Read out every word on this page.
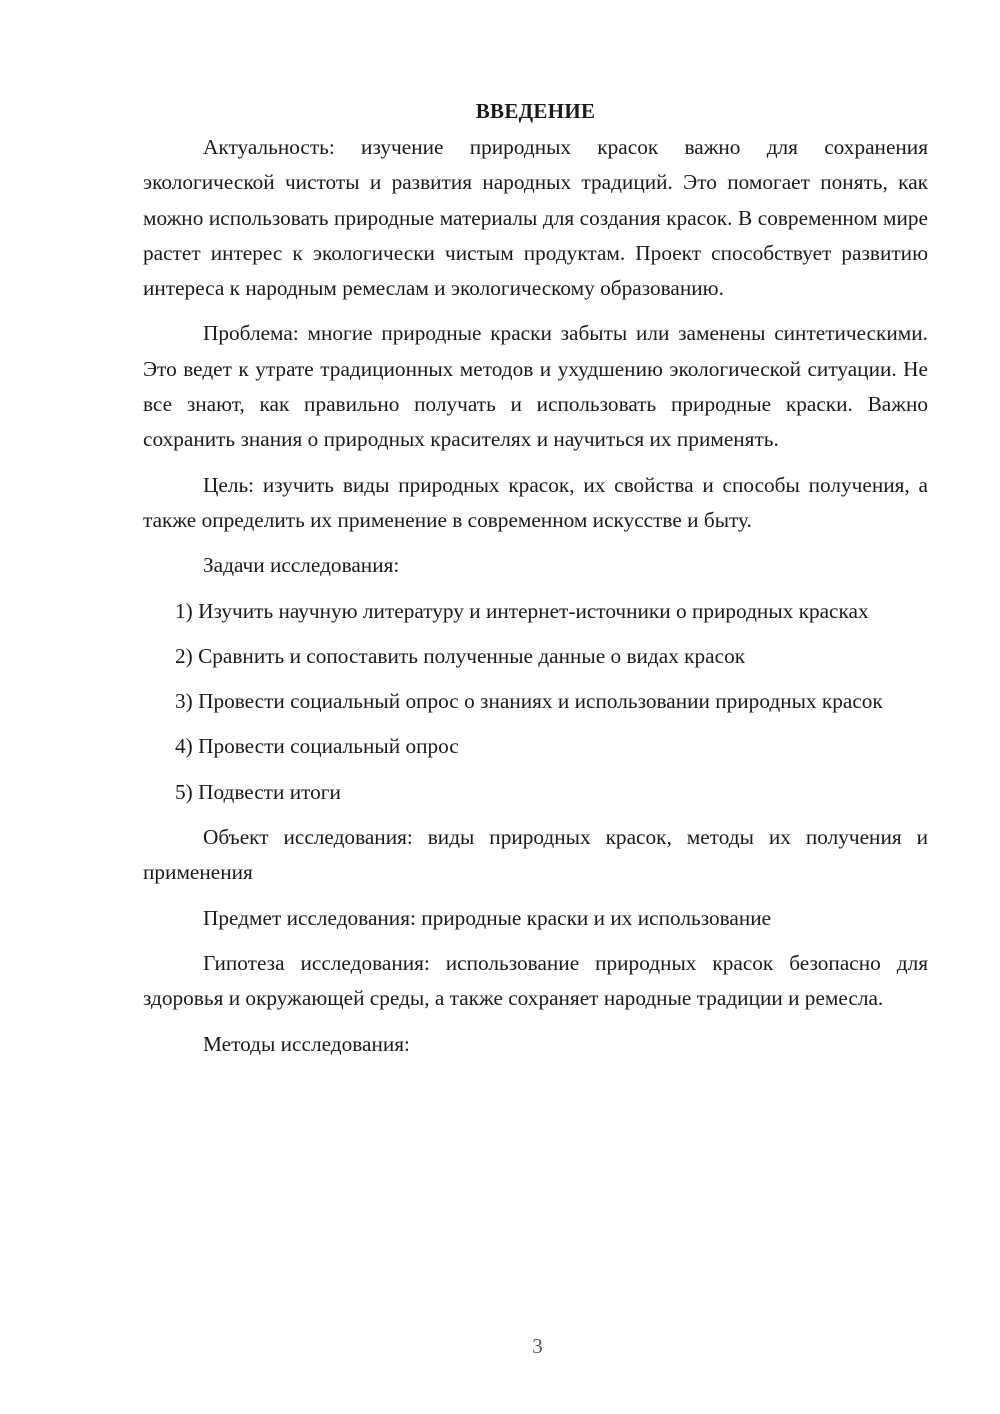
ВВЕДЕНИЕ

Актуальность: изучение природных красок важно для сохранения экологической чистоты и развития народных традиций. Это помогает понять, как можно использовать природные материалы для создания красок. В современном мире растет интерес к экологически чистым продуктам. Проект способствует развитию интереса к народным ремеслам и экологическому образованию.

Проблема: многие природные краски забыты или заменены синтетическими. Это ведет к утрате традиционных методов и ухудшению экологической ситуации. Не все знают, как правильно получать и использовать природные краски. Важно сохранить знания о природных красителях и научиться их применять.

Цель: изучить виды природных красок, их свойства и способы получения, а также определить их применение в современном искусстве и быту.

Задачи исследования:

1) Изучить научную литературу и интернет-источники о природных красках

2) Сравнить и сопоставить полученные данные о видах красок

3) Провести социальный опрос о знаниях и использовании природных красок

4) Провести социальный опрос

5) Подвести итоги

Объект исследования: виды природных красок, методы их получения и применения

Предмет исследования: природные краски и их использование

Гипотеза исследования: использование природных красок безопасно для здоровья и окружающей среды, а также сохраняет народные традиции и ремесла.

Методы исследования:

3
